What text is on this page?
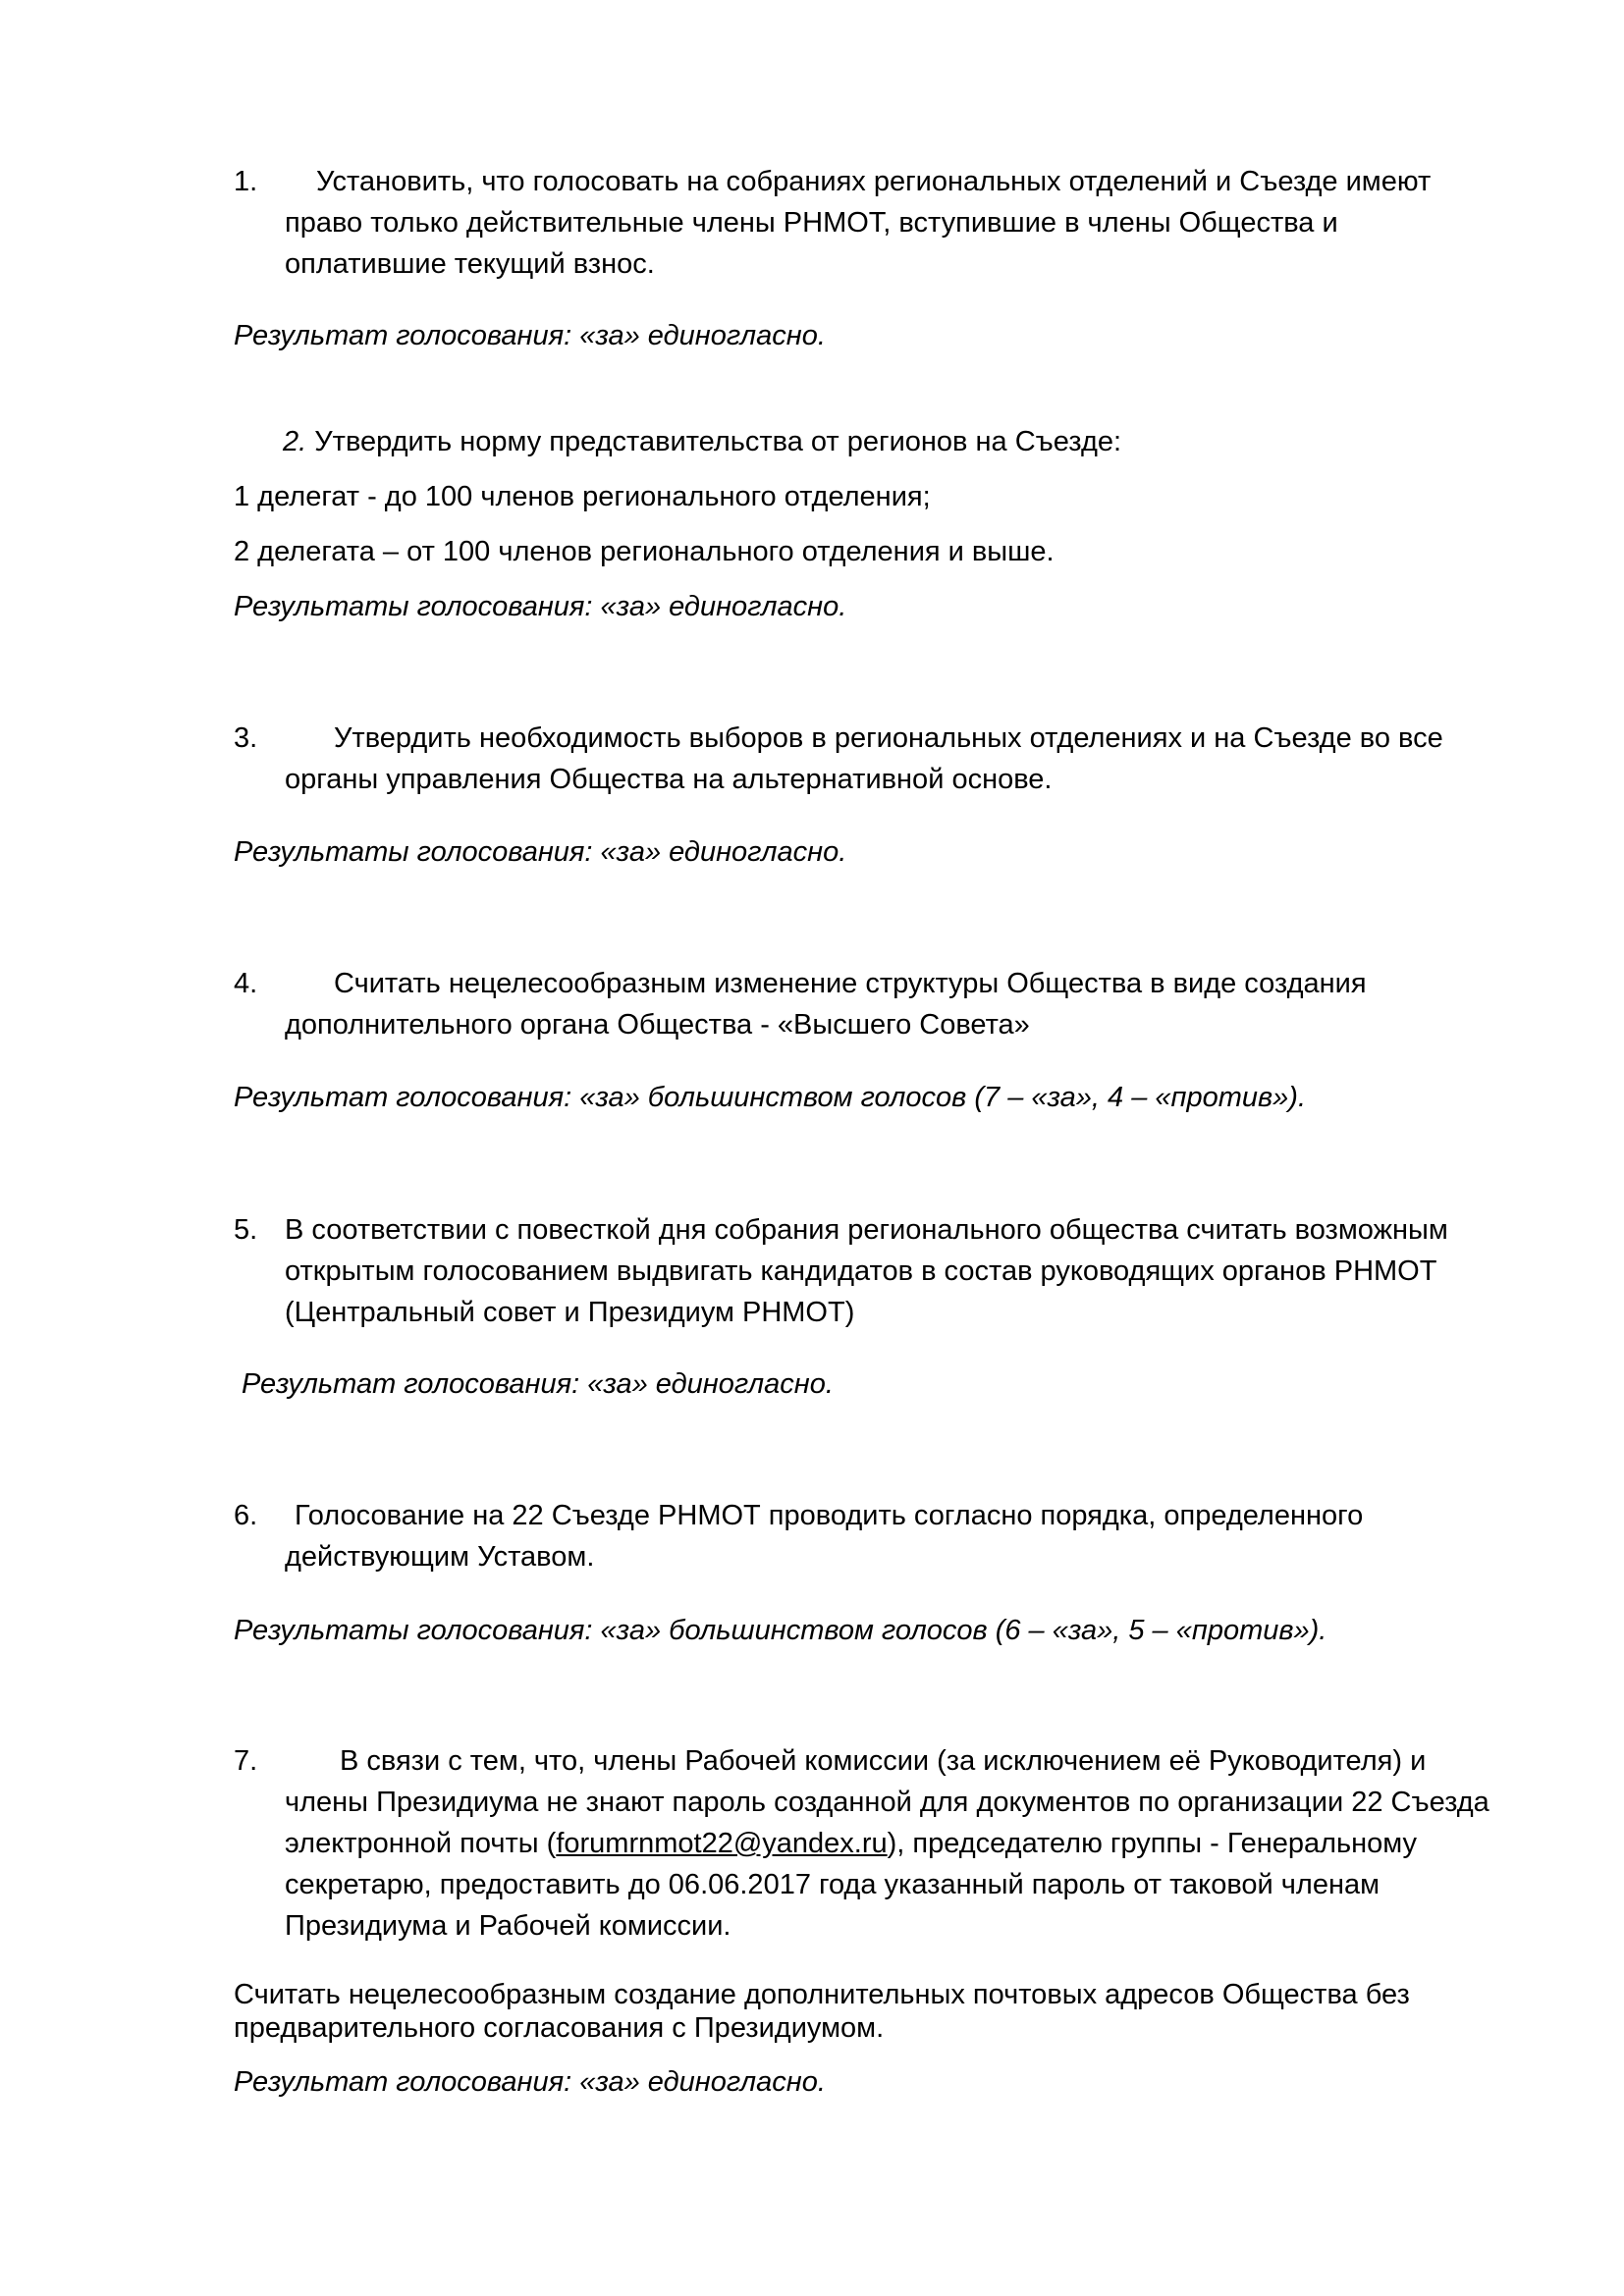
1.	Установить, что голосовать на собраниях региональных отделений и Съезде имеют
право только действительные члены РНМОТ, вступившие в члены Общества и
оплатившие текущий взнос.
Результат голосования: «за» единогласно.
2. Утвердить норму представительства от регионов на Съезде:
1 делегат - до 100 членов регионального отделения;
2 делегата – от 100 членов регионального отделения и выше.
Результаты голосования: «за» единогласно.
3.	Утвердить необходимость выборов в региональных отделениях и на Съезде во все
органы управления Общества на альтернативной основе.
Результаты голосования: «за» единогласно.
4.	Считать нецелесообразным изменение структуры Общества в виде создания
дополнительного органа Общества - «Высшего Совета»
Результат голосования: «за» большинством голосов (7 – «за», 4 – «против»).
5. В соответствии с повесткой дня собрания регионального общества считать возможным
открытым голосованием выдвигать кандидатов в состав руководящих органов РНМОТ
(Центральный совет и Президиум РНМОТ)
Результат голосования: «за» единогласно.
6.	Голосование на 22 Съезде РНМОТ проводить согласно порядка, определенного
действующим Уставом.
Результаты голосования: «за» большинством голосов (6 – «за», 5 – «против»).
7.	В связи с тем, что, члены Рабочей комиссии (за исключением её Руководителя) и
члены Президиума не знают пароль созданной для документов по организации 22 Съезда
электронной почты (forumrnmot22@yandex.ru), председателю группы - Генеральному
секретарю, предоставить до 06.06.2017 года указанный пароль от таковой членам
Президиума и Рабочей комиссии.
Считать нецелесообразным создание дополнительных почтовых адресов Общества без
предварительного согласования с Президиумом.
Результат голосования: «за» единогласно.
